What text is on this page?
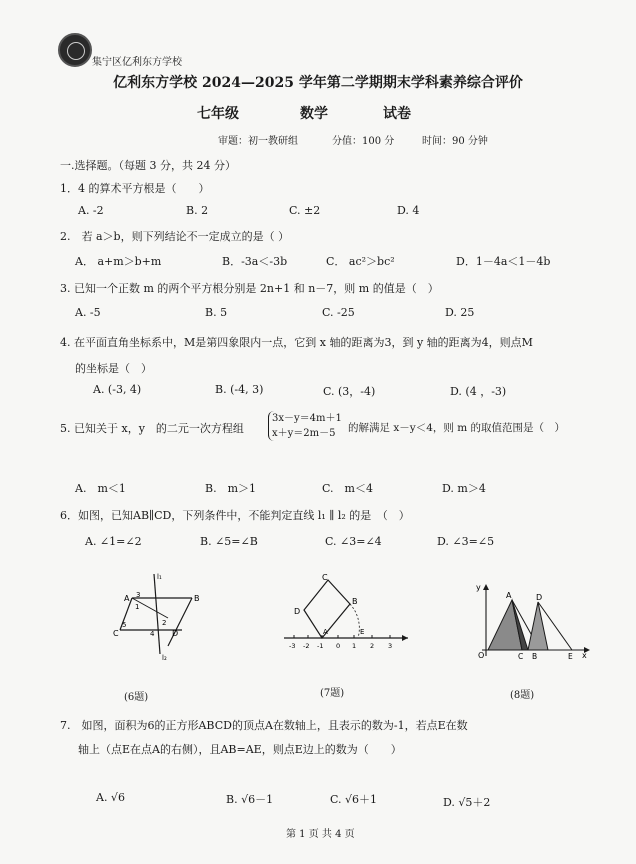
集宁区亿利东方学校
亿利东方学校 2024—2025 学年第二学期期末学科素养综合评价
七年级	数学	试卷
审题：初一教研组	分值：100 分	时间：90 分钟
一.选择题。（每题 3 分，共 24 分）
1．4 的算术平方根是（　　）
A. -2	B. 2	C. ±2	D. 4
2.　若 a＞b，则下列结论不一定成立的是（ ）
A． a+m＞b+m	B．-3a＜-3b	C． ac²＞bc²	D．1－4a＜1－4b
3. 已知一个正数 m 的两个平方根分别是 2n+1 和 n－7，则 m 的值是（　）
A. -5	B. 5	C. -25	D. 25
4. 在平面直角坐标系中，M是第四象限内一点，它到 x 轴的距离为3，到 y 轴的距离为4，则点M
的坐标是（　）
A. (-3, 4)	B. (-4, 3)	C. (3，-4)	D. (4 ，-3)
5. 已知关于 x，y　的二元一次方程组
3x－y＝4m＋1
x＋y＝2m－5	的解满足 x－y＜4，则 m 的取值范围是（　）
A.　m＜1	B.　m＞1	C.　m＜4	D. m＞4
6．如图，已知AB∥CD，下列条件中，不能判定直线 l₁ ∥ l₂ 的是　（　）
A. ∠1=∠2	B. ∠5=∠B	C. ∠3=∠4	D. ∠3=∠5
l₁
A 3	B
1
5	2
C	4 D
l₂
(6题)
C
B
D
A	E
-3 -2 -1 0 1 2 3
(7题)
y
A	D
O	C B	E x
(8题)
7.　如图，面积为6的正方形ABCD的顶点A在数轴上，且表示的数为-1，若点E在数
轴上（点E在点A的右侧），且AB=AE，则点E边上的数为（　　）
A. √6	B. √6－1	C. √6＋1	D. √5＋2
第 1 页 共 4 页
